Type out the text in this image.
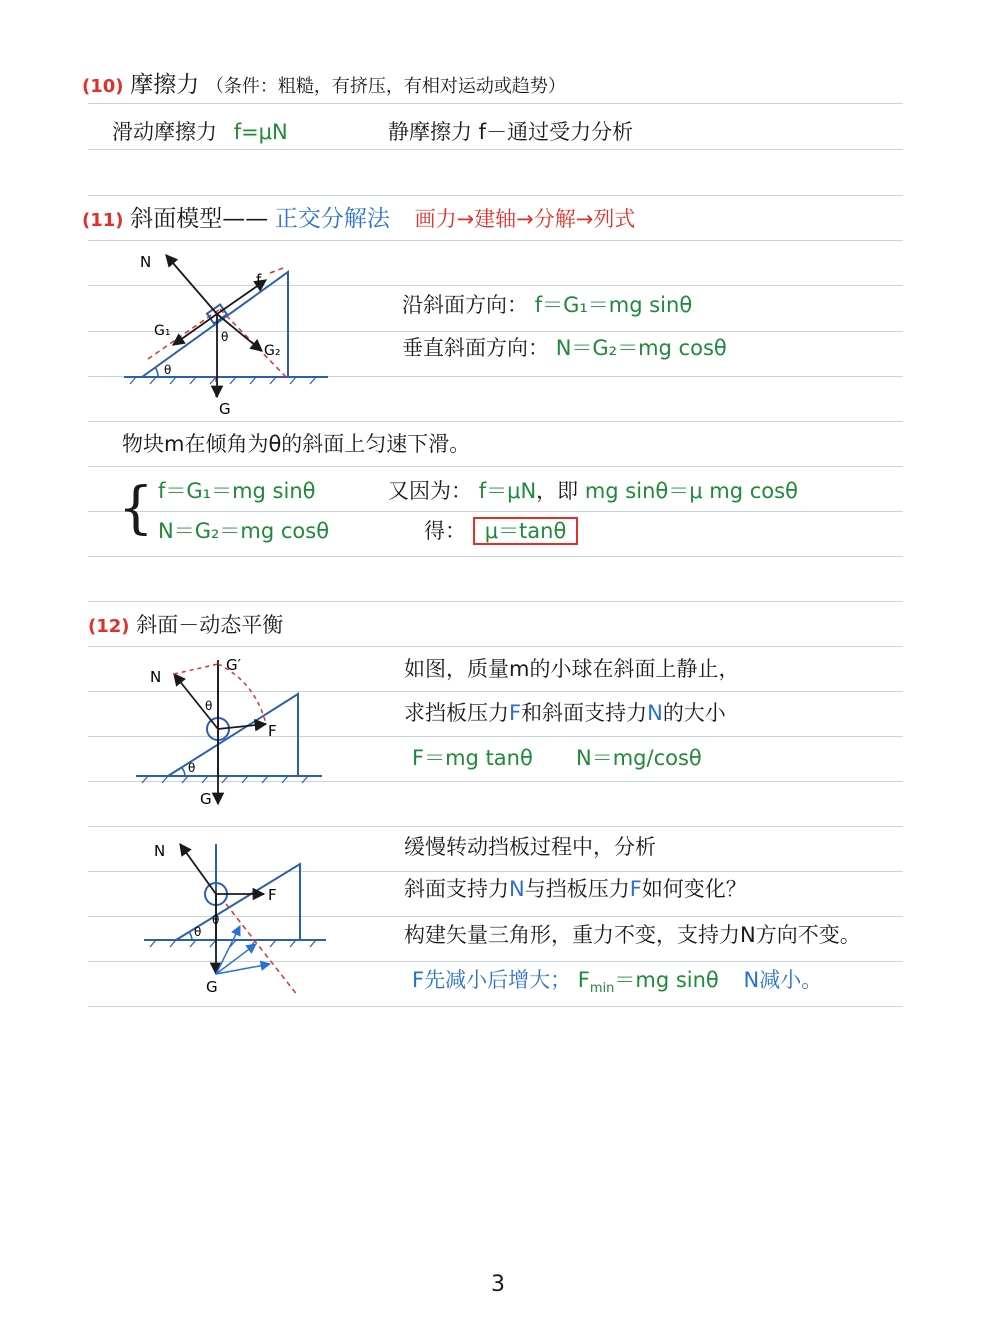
(10) 摩擦力 （条件：粗糙，有挤压，有相对运动或趋势）
滑动摩擦力 f=μN	静摩擦力 f－通过受力分析
(11) 斜面模型—— 正交分解法 画力→建轴→分解→列式
N
f
G₁
G₂
G
θ
θ
沿斜面方向： f＝G₁＝mg sinθ
垂直斜面方向： N＝G₂＝mg cosθ
物块m在倾角为θ的斜面上匀速下滑。
{ f＝G₁＝mg sinθ
N＝G₂＝mg cosθ
又因为： f＝μN，即 mg sinθ＝μ mg cosθ
得： μ＝tanθ
(12) 斜面－动态平衡
N
G′
F
G
θ
θ
如图，质量m的小球在斜面上静止，
求挡板压力F和斜面支持力N的大小
F＝mg tanθ N＝mg/cosθ
N
F
G
θ
θ
缓慢转动挡板过程中，分析
斜面支持力N与挡板压力F如何变化？
构建矢量三角形，重力不变，支持力N方向不变。
F先减小后增大； $F_{min}=mg$ sinθ N减小。
3
